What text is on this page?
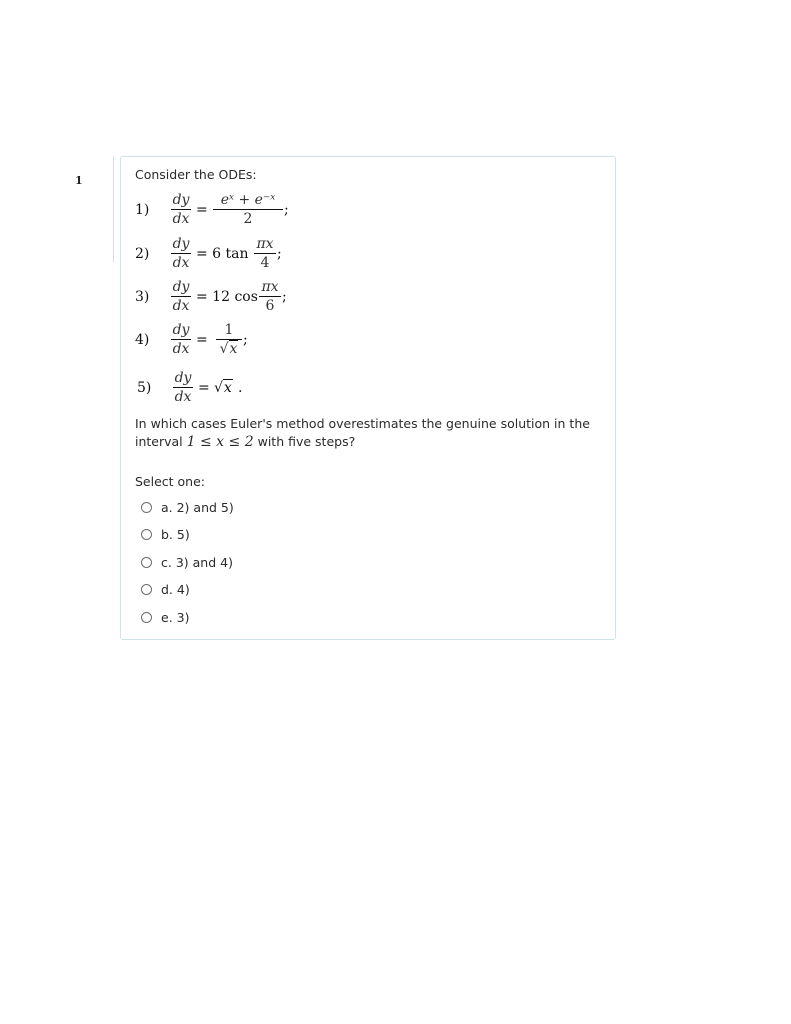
1	Consider the ODEs:
1)
dy
dx
=
eˣ + e⁻ˣ
2
;
2)
dy
dx
= 6 tan
πx
4
;
3)
dy
dx
= 12 cos
πx
6
;
4)
dy
dx
=
1
√x
;
5)
dy
dx
= √x .
In which cases Euler's method overestimates the genuine solution in the interval 1 ≤ x ≤ 2 with five steps?
Select one:
a. 2) and 5)
b. 5)
c. 3) and 4)
d. 4)
e. 3)
